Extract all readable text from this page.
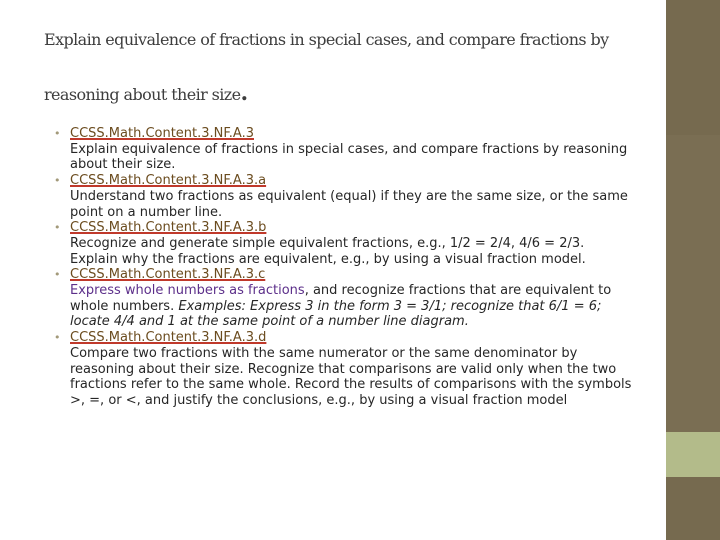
Explain equivalence of fractions in special cases, and compare fractions by
reasoning about their size.
• CCSS.Math.Content.3.NF.A.3
Explain equivalence of fractions in special cases, and compare fractions by reasoning about their size.
• CCSS.Math.Content.3.NF.A.3.a
Understand two fractions as equivalent (equal) if they are the same size, or the same point on a number line.
• CCSS.Math.Content.3.NF.A.3.b
Recognize and generate simple equivalent fractions, e.g., 1/2 = 2/4, 4/6 = 2/3. Explain why the fractions are equivalent, e.g., by using a visual fraction model.
• CCSS.Math.Content.3.NF.A.3.c
Express whole numbers as fractions, and recognize fractions that are equivalent to whole numbers. Examples: Express 3 in the form 3 = 3/1; recognize that 6/1 = 6; locate 4/4 and 1 at the same point of a number line diagram.
• CCSS.Math.Content.3.NF.A.3.d
Compare two fractions with the same numerator or the same denominator by reasoning about their size. Recognize that comparisons are valid only when the two fractions refer to the same whole. Record the results of comparisons with the symbols >, =, or <, and justify the conclusions, e.g., by using a visual fraction model
